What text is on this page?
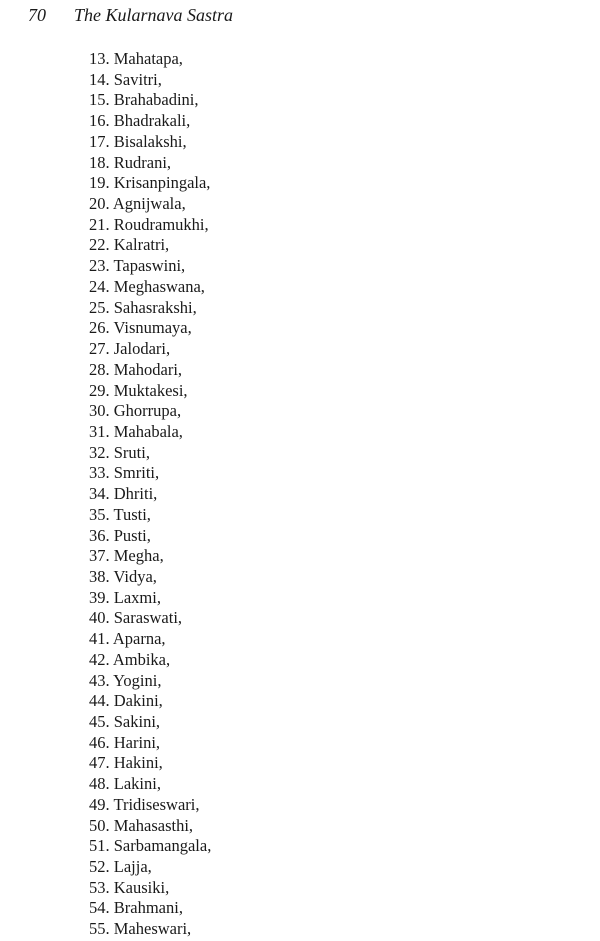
70 The Kularnava Sastra
13. Mahatapa,
14. Savitri,
15. Brahabadini,
16. Bhadrakali,
17. Bisalakshi,
18. Rudrani,
19. Krisanpingala,
20. Agnijwala,
21. Roudramukhi,
22. Kalratri,
23. Tapaswini,
24. Meghaswana,
25. Sahasrakshi,
26. Visnumaya,
27. Jalodari,
28. Mahodari,
29. Muktakesi,
30. Ghorrupa,
31. Mahabala,
32. Sruti,
33. Smriti,
34. Dhriti,
35. Tusti,
36. Pusti,
37. Megha,
38. Vidya,
39. Laxmi,
40. Saraswati,
41. Aparna,
42. Ambika,
43. Yogini,
44. Dakini,
45. Sakini,
46. Harini,
47. Hakini,
48. Lakini,
49. Tridiseswari,
50. Mahasasthi,
51. Sarbamangala,
52. Lajja,
53. Kausiki,
54. Brahmani,
55. Maheswari,
